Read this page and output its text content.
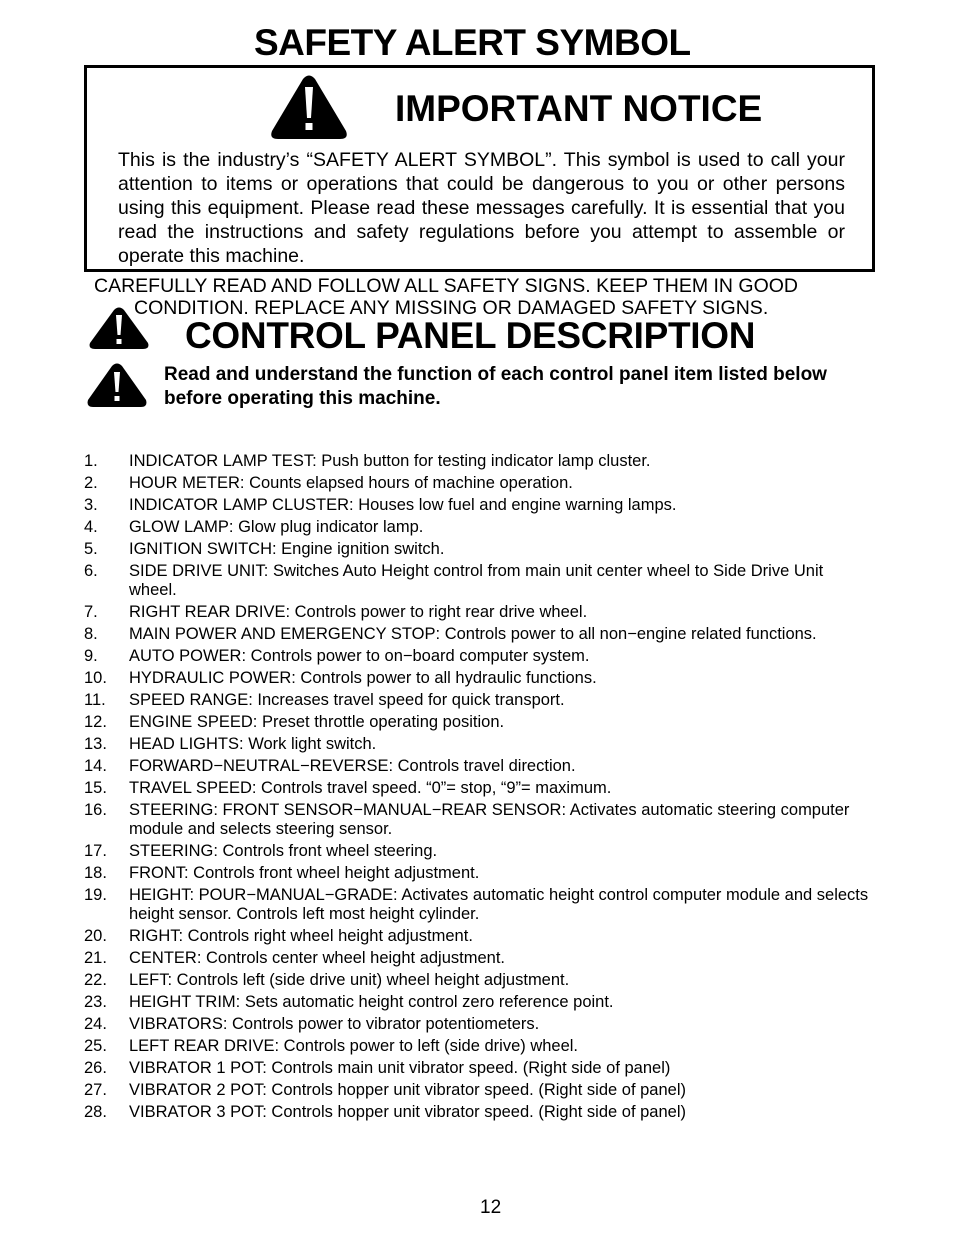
SAFETY ALERT SYMBOL
IMPORTANT NOTICE
This is the industry’s “SAFETY ALERT SYMBOL”. This symbol is used to call your attention to items or operations that could be dangerous to you or other persons using this equipment. Please read these messages carefully. It is essential that you read the instructions and safety regulations before you attempt to assemble or operate this machine.
CAREFULLY READ AND FOLLOW ALL SAFETY SIGNS. KEEP THEM IN GOOD
CONDITION. REPLACE ANY MISSING OR DAMAGED SAFETY SIGNS.
CONTROL PANEL DESCRIPTION
Read and understand the function of each control panel item listed below before operating this machine.
1. INDICATOR LAMP TEST: Push button for testing indicator lamp cluster.
2. HOUR METER: Counts elapsed hours of machine operation.
3. INDICATOR LAMP CLUSTER: Houses low fuel and engine warning lamps.
4. GLOW LAMP: Glow plug indicator lamp.
5. IGNITION SWITCH: Engine ignition switch.
6. SIDE DRIVE UNIT: Switches Auto Height control from main unit center wheel to Side Drive Unit wheel.
7. RIGHT REAR DRIVE: Controls power to right rear drive wheel.
8. MAIN POWER AND EMERGENCY STOP: Controls power to all non−engine related functions.
9. AUTO POWER: Controls power to on−board computer system.
10. HYDRAULIC POWER: Controls power to all hydraulic functions.
11. SPEED RANGE: Increases travel speed for quick transport.
12. ENGINE SPEED: Preset throttle operating position.
13. HEAD LIGHTS: Work light switch.
14. FORWARD−NEUTRAL−REVERSE: Controls travel direction.
15. TRAVEL SPEED: Controls travel speed. “0”= stop, “9”= maximum.
16. STEERING: FRONT SENSOR−MANUAL−REAR SENSOR: Activates automatic steering computer module and selects steering sensor.
17. STEERING: Controls front wheel steering.
18. FRONT: Controls front wheel height adjustment.
19. HEIGHT: POUR−MANUAL−GRADE: Activates automatic height control computer module and selects height sensor. Controls left most height cylinder.
20. RIGHT: Controls right wheel height adjustment.
21. CENTER: Controls center wheel height adjustment.
22. LEFT: Controls left (side drive unit) wheel height adjustment.
23. HEIGHT TRIM: Sets automatic height control zero reference point.
24. VIBRATORS: Controls power to vibrator potentiometers.
25. LEFT REAR DRIVE: Controls power to left (side drive) wheel.
26. VIBRATOR 1 POT: Controls main unit vibrator speed. (Right side of panel)
27. VIBRATOR 2 POT: Controls hopper unit vibrator speed. (Right side of panel)
28. VIBRATOR 3 POT: Controls hopper unit vibrator speed. (Right side of panel)
12
